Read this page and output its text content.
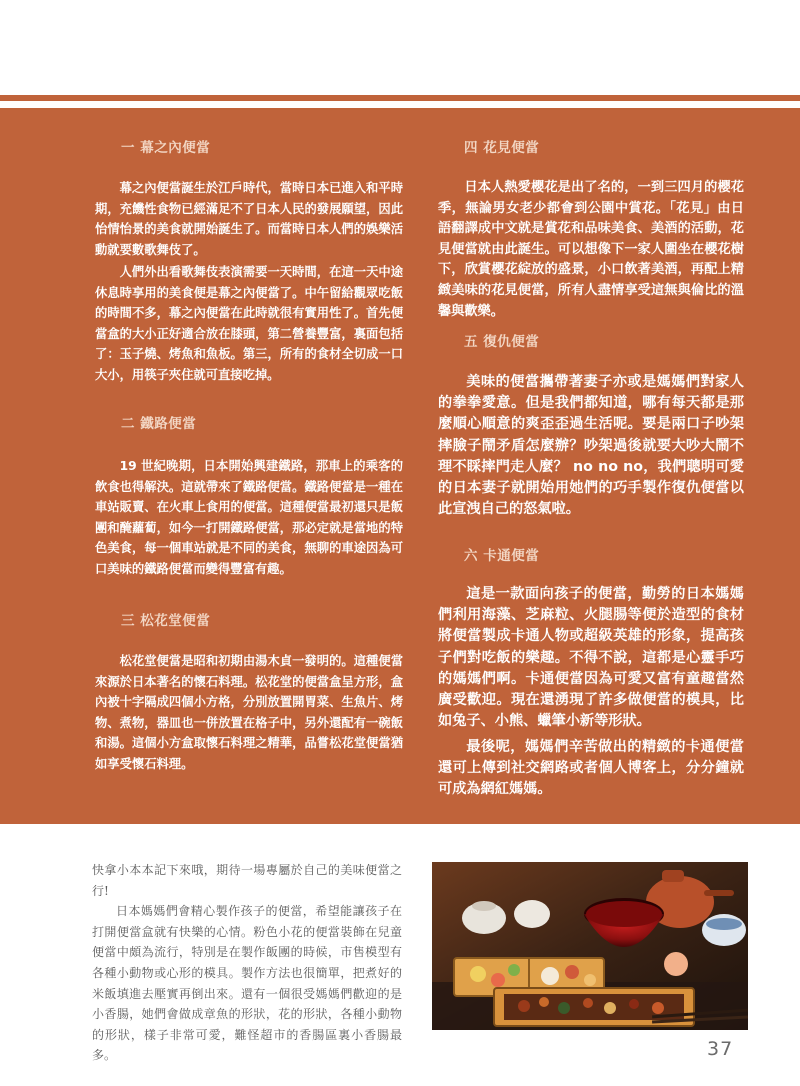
一 幕之內便當
幕之內便當誕生於江戶時代，當時日本已進入和平時期，充饑性食物已經滿足不了日本人民的發展願望，因此怡情怡景的美食就開始誕生了。而當時日本人們的娛樂活動就要數歌舞伎了。
人們外出看歌舞伎表演需要一天時間，在這一天中途休息時享用的美食便是幕之內便當了。中午留給觀眾吃飯的時間不多，幕之內便當在此時就很有實用性了。首先便當盒的大小正好適合放在膝頭，第二營養豐富，裏面包括了：玉子燒、烤魚和魚板。第三，所有的食材全切成一口大小，用筷子夾住就可直接吃掉。
二 鐵路便當
19 世紀晚期，日本開始興建鐵路，那車上的乘客的飲食也得解決。這就帶來了鐵路便當。鐵路便當是一種在車站販賣、在火車上食用的便當。這種便當最初還只是飯團和醃蘿蔔，如今一打開鐵路便當，那必定就是當地的特色美食，每一個車站就是不同的美食，無聊的車途因為可口美味的鐵路便當而變得豐富有趣。
三 松花堂便當
松花堂便當是昭和初期由湯木貞一發明的。這種便當來源於日本著名的懷石料理。松花堂的便當盒呈方形，盒內被十字隔成四個小方格，分別放置開胃菜、生魚片、烤物、煮物，器皿也一併放置在格子中，另外還配有一碗飯和湯。這個小方盒取懷石料理之精華，品嘗松花堂便當猶如享受懷石料理。
四 花見便當
日本人熱愛櫻花是出了名的，一到三四月的櫻花季，無論男女老少都會到公園中賞花。「花見」由日語翻譯成中文就是賞花和品味美食、美酒的活動，花見便當就由此誕生。可以想像下一家人圍坐在櫻花樹下，欣賞櫻花綻放的盛景，小口飲著美酒，再配上精緻美味的花見便當，所有人盡情享受這無與倫比的溫馨與歡樂。
五 復仇便當
美味的便當攜帶著妻子亦或是媽媽們對家人的拳拳愛意。但是我們都知道，哪有每天都是那麼順心順意的爽歪歪過生活呢。要是兩口子吵架摔臉子鬧矛盾怎麼辦？吵架過後就要大吵大鬧不理不睬摔門走人麼？ no no no，我們聰明可愛的日本妻子就開始用她們的巧手製作復仇便當以此宣洩自己的怒氣啦。
六 卡通便當
這是一款面向孩子的便當，勤勞的日本媽媽們利用海藻、芝麻粒、火腿腸等便於造型的食材將便當製成卡通人物或超級英雄的形象，提高孩子們對吃飯的樂趣。不得不說，這都是心靈手巧的媽媽們啊。卡通便當因為可愛又富有童趣當然廣受歡迎。現在還湧現了許多做便當的模具，比如兔子、小熊、蠟筆小新等形狀。
最後呢，媽媽們辛苦做出的精緻的卡通便當還可上傳到社交網路或者個人博客上，分分鐘就可成為網紅媽媽。

快拿小本本記下來哦，期待一場專屬於自己的美味便當之行!

日本媽媽們會精心製作孩子的便當，希望能讓孩子在打開便當盒就有快樂的心情。粉色小花的便當裝飾在兒童便當中頗為流行，特別是在製作飯團的時候，市售模型有各種小動物或心形的模具。製作方法也很簡單，把煮好的米飯填進去壓實再倒出來。還有一個很受媽媽們歡迎的是小香腸，她們會做成章魚的形狀，花的形狀，各種小動物的形狀，樣子非常可愛，難怪超市的香腸區裏小香腸最多。	37
